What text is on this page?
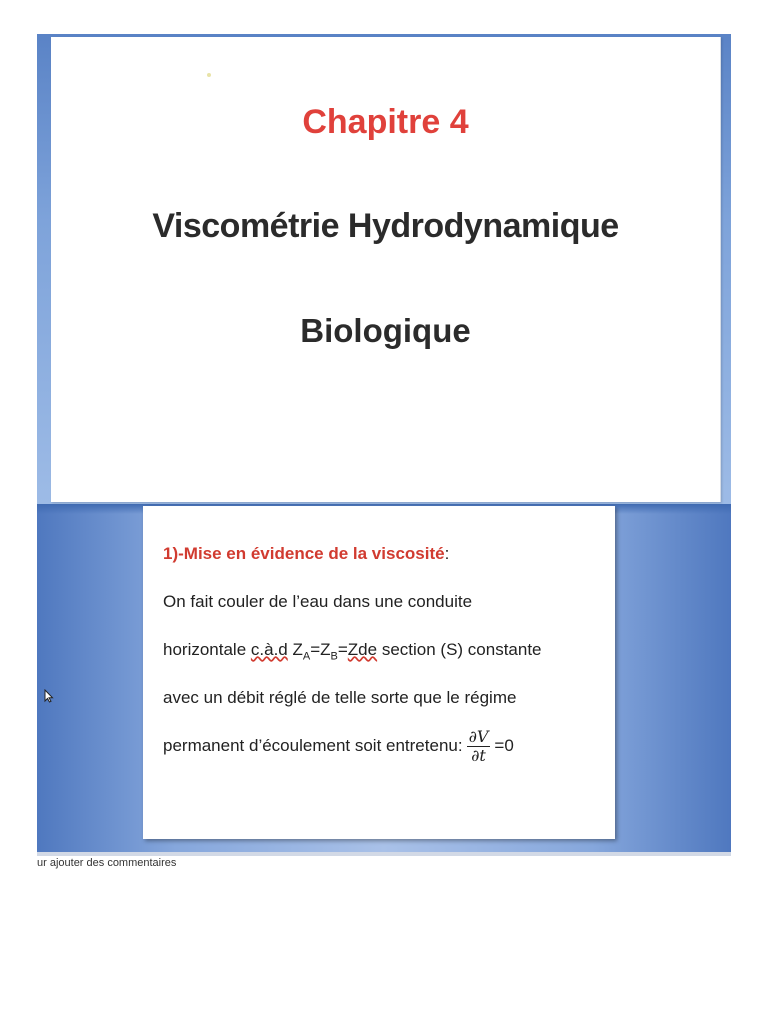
Chapitre 4
Viscométrie Hydrodynamique
Biologique
1)-Mise en évidence de la viscosité:
On fait couler de l’eau dans une conduite
horizontale c.à.d $Z_A=Z_B=Zde$ section (S) constante
avec un débit réglé de telle sorte que le régime
permanent d’écoulement soit entretenu: $\frac{\partial V}{\partial t} =0$
ur ajouter des commentaires
